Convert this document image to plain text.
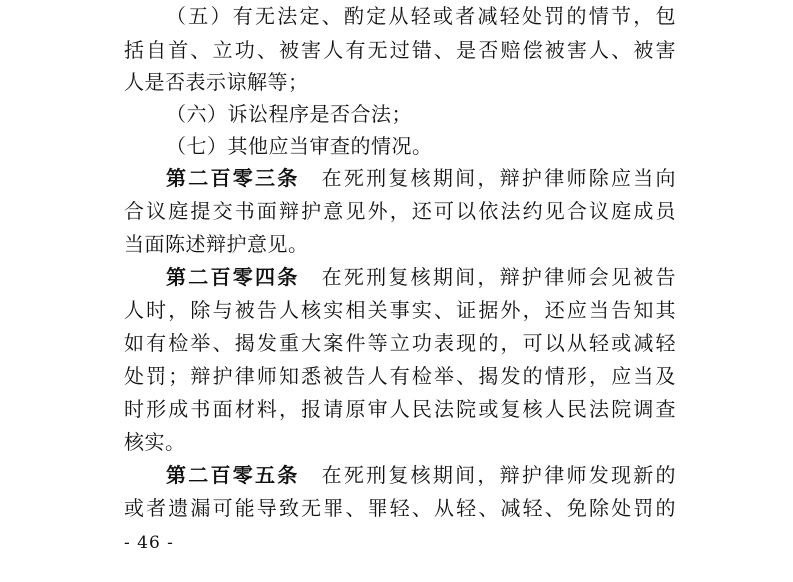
（五）有无法定、酌定从轻或者减轻处罚的情节，包
括自首、立功、被害人有无过错、是否赔偿被害人、被害
人是否表示谅解等；
（六）诉讼程序是否合法；
（七）其他应当审查的情况。
第二百零三条 在死刑复核期间，辩护律师除应当向
合议庭提交书面辩护意见外，还可以依法约见合议庭成员
当面陈述辩护意见。
第二百零四条 在死刑复核期间，辩护律师会见被告
人时，除与被告人核实相关事实、证据外，还应当告知其
如有检举、揭发重大案件等立功表现的，可以从轻或减轻
处罚；辩护律师知悉被告人有检举、揭发的情形，应当及
时形成书面材料，报请原审人民法院或复核人民法院调查
核实。
第二百零五条 在死刑复核期间，辩护律师发现新的
或者遗漏可能导致无罪、罪轻、从轻、减轻、免除处罚的
- 46 -
